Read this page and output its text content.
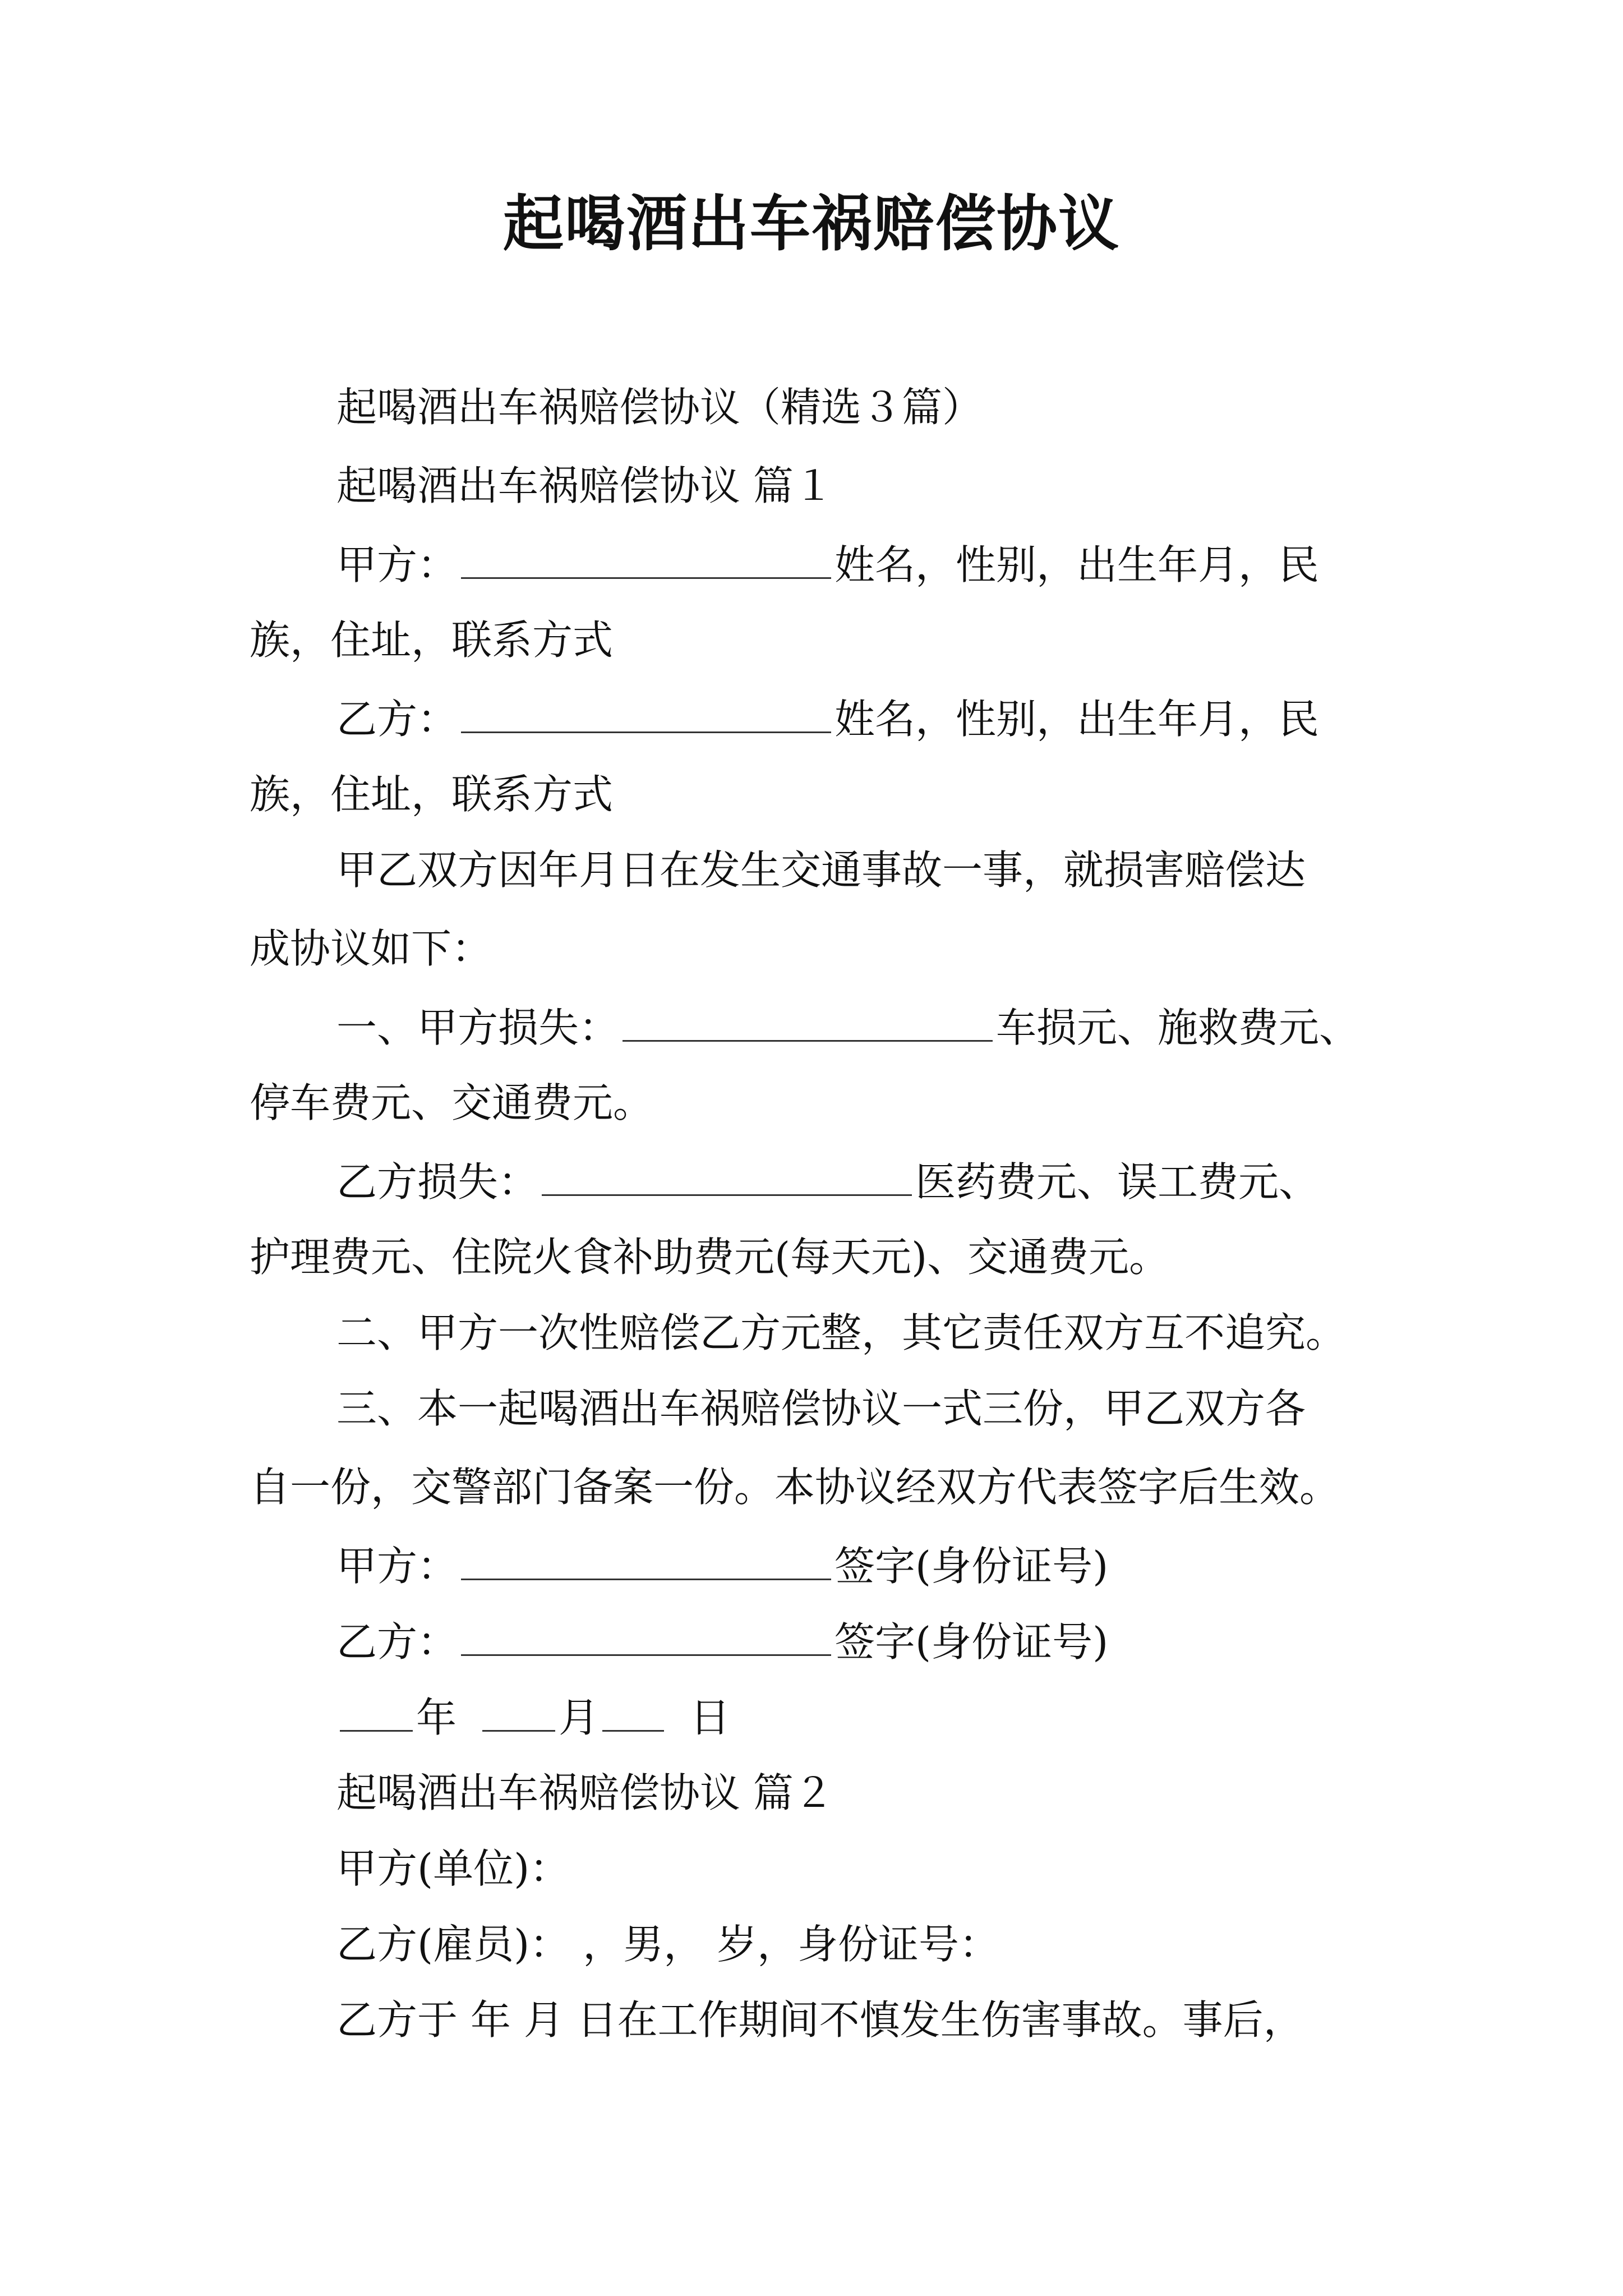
起喝酒出车祸赔偿协议
起喝酒出车祸赔偿协议（精选３篇）
起喝酒出车祸赔偿协议 篇１
甲方：	姓名，性别，出生年月，民
族，住址，联系方式
乙方：	姓名，性别，出生年月，民
族，住址，联系方式
甲乙双方因年月日在发生交通事故一事，就损害赔偿达
成协议如下：
一、甲方损失：	车损元、施救费元、
停车费元、交通费元。
乙方损失：	医药费元、误工费元、
护理费元、住院火食补助费元(每天元)、交通费元。
二、甲方一次性赔偿乙方元整，其它责任双方互不追究。
三、本一起喝酒出车祸赔偿协议一式三份，甲乙双方各
自一份，交警部门备案一份。本协议经双方代表签字后生效。
甲方：	签字(身份证号)
乙方：	签字(身份证号)
年	月 日
起喝酒出车祸赔偿协议 篇２
甲方(单位)：
乙方(雇员)： ，男， 岁，身份证号：
乙方于 年 月 日在工作期间不慎发生伤害事故。事后，
